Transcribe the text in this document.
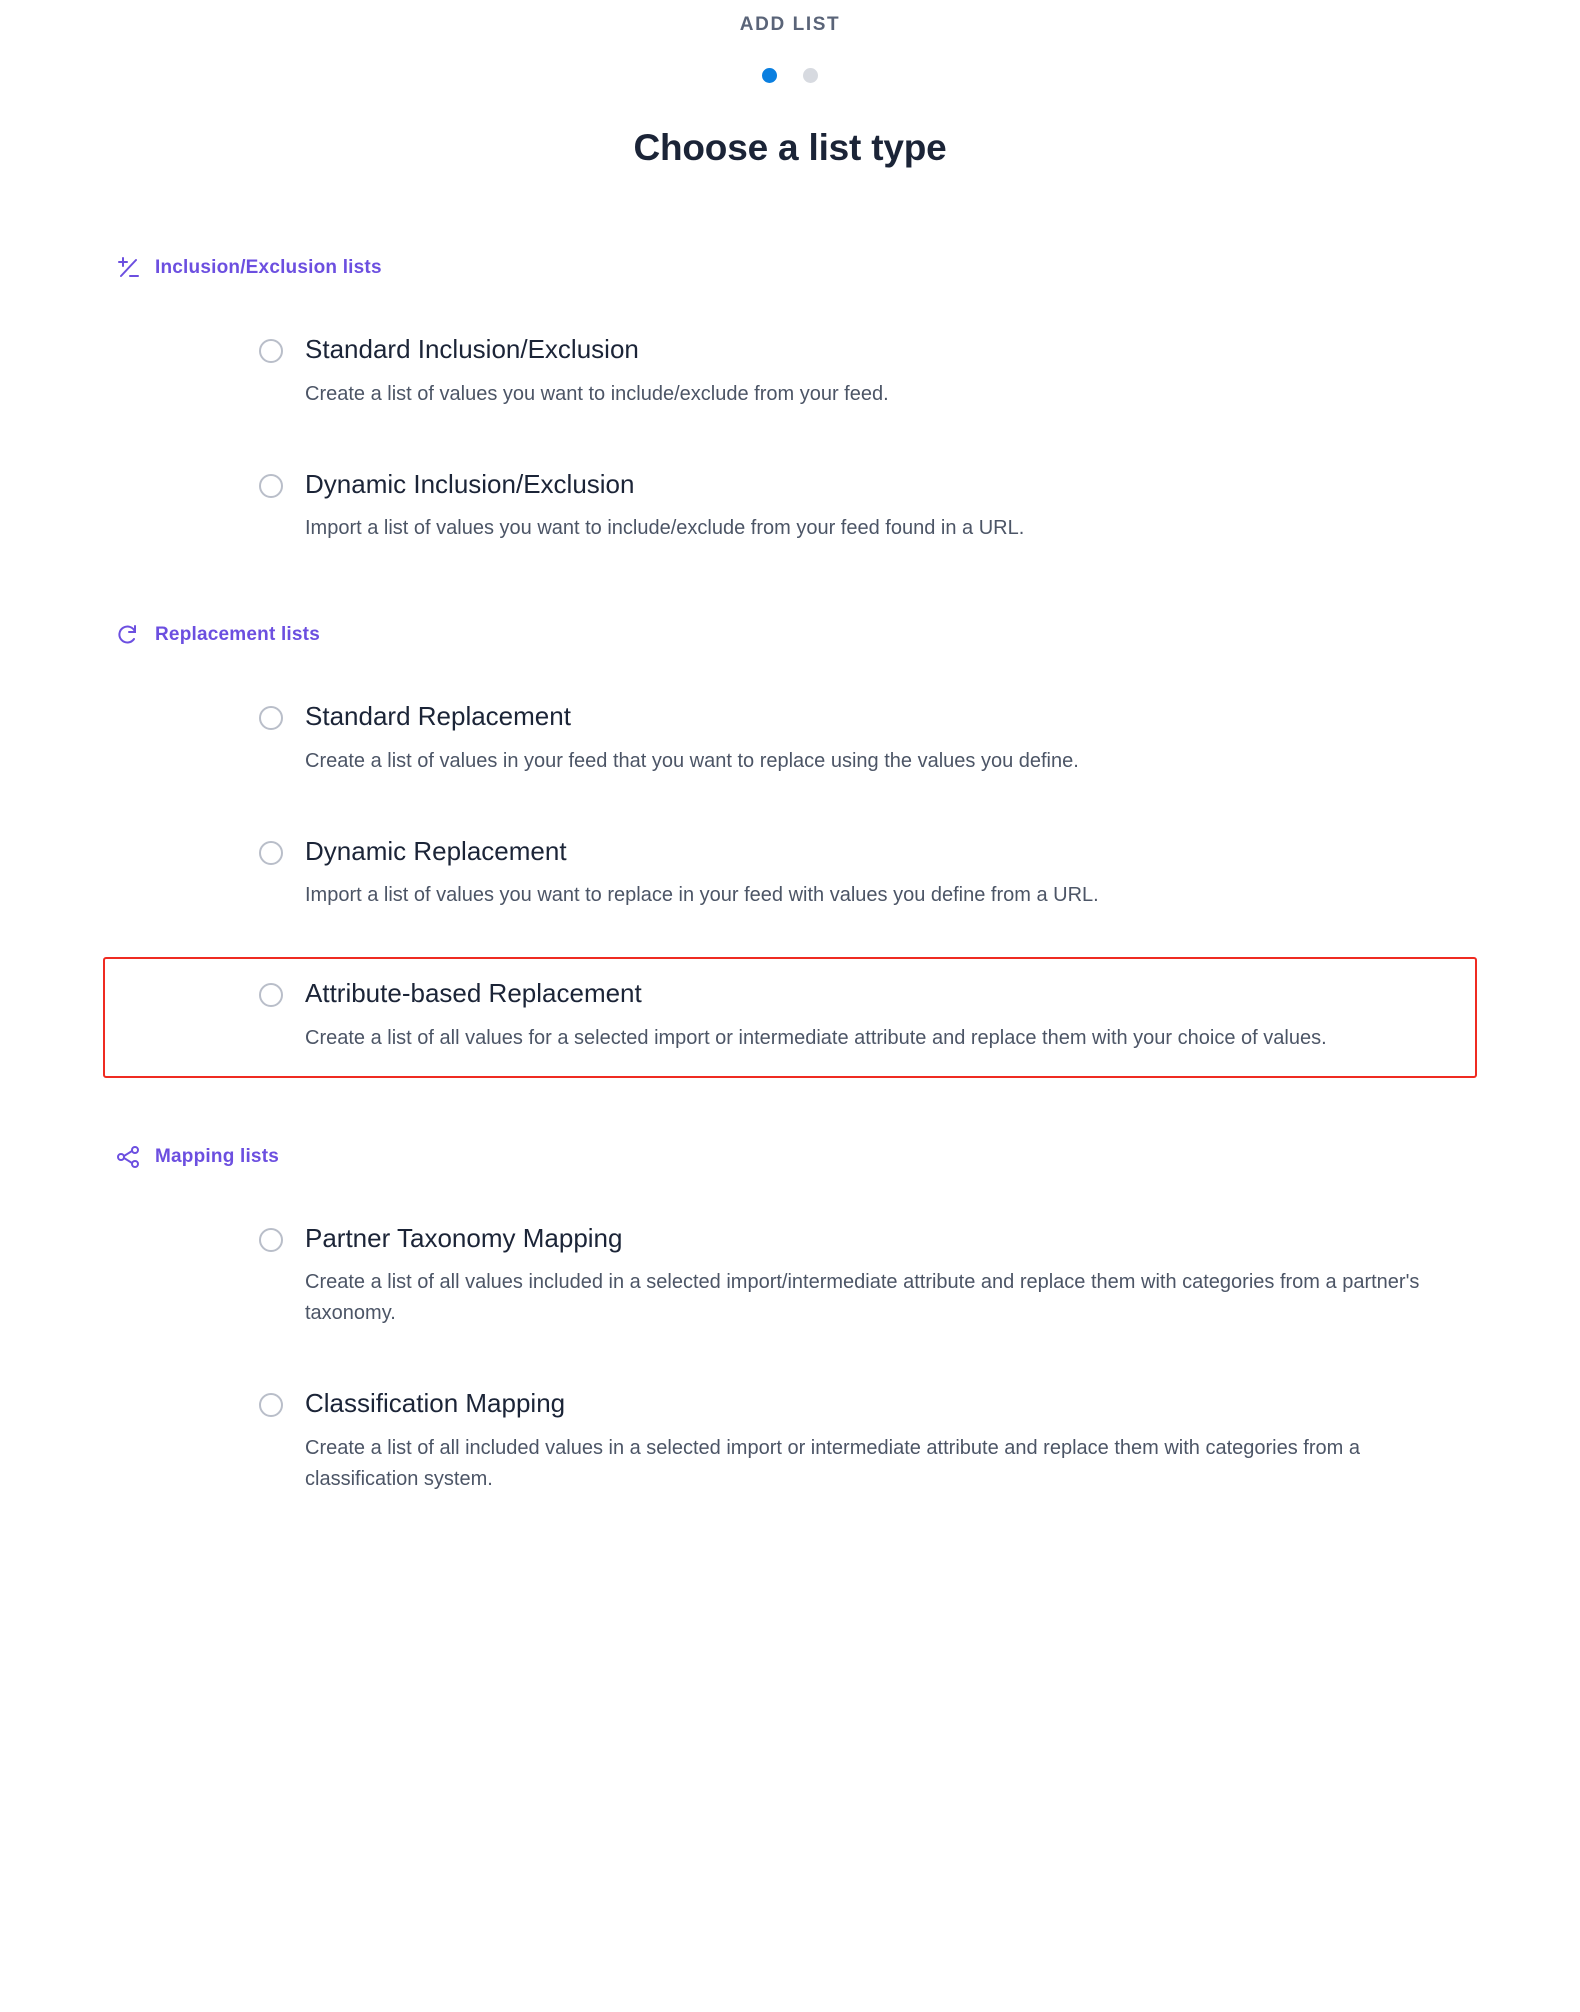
ADD LIST
Choose a list type
Inclusion/Exclusion lists
Standard Inclusion/Exclusion
Create a list of values you want to include/exclude from your feed.
Dynamic Inclusion/Exclusion
Import a list of values you want to include/exclude from your feed found in a URL.
Replacement lists
Standard Replacement
Create a list of values in your feed that you want to replace using the values you define.
Dynamic Replacement
Import a list of values you want to replace in your feed with values you define from a URL.
Attribute-based Replacement
Create a list of all values for a selected import or intermediate attribute and replace them with your choice of values.
Mapping lists
Partner Taxonomy Mapping
Create a list of all values included in a selected import/intermediate attribute and replace them with categories from a partner's taxonomy.
Classification Mapping
Create a list of all included values in a selected import or intermediate attribute and replace them with categories from a classification system.
